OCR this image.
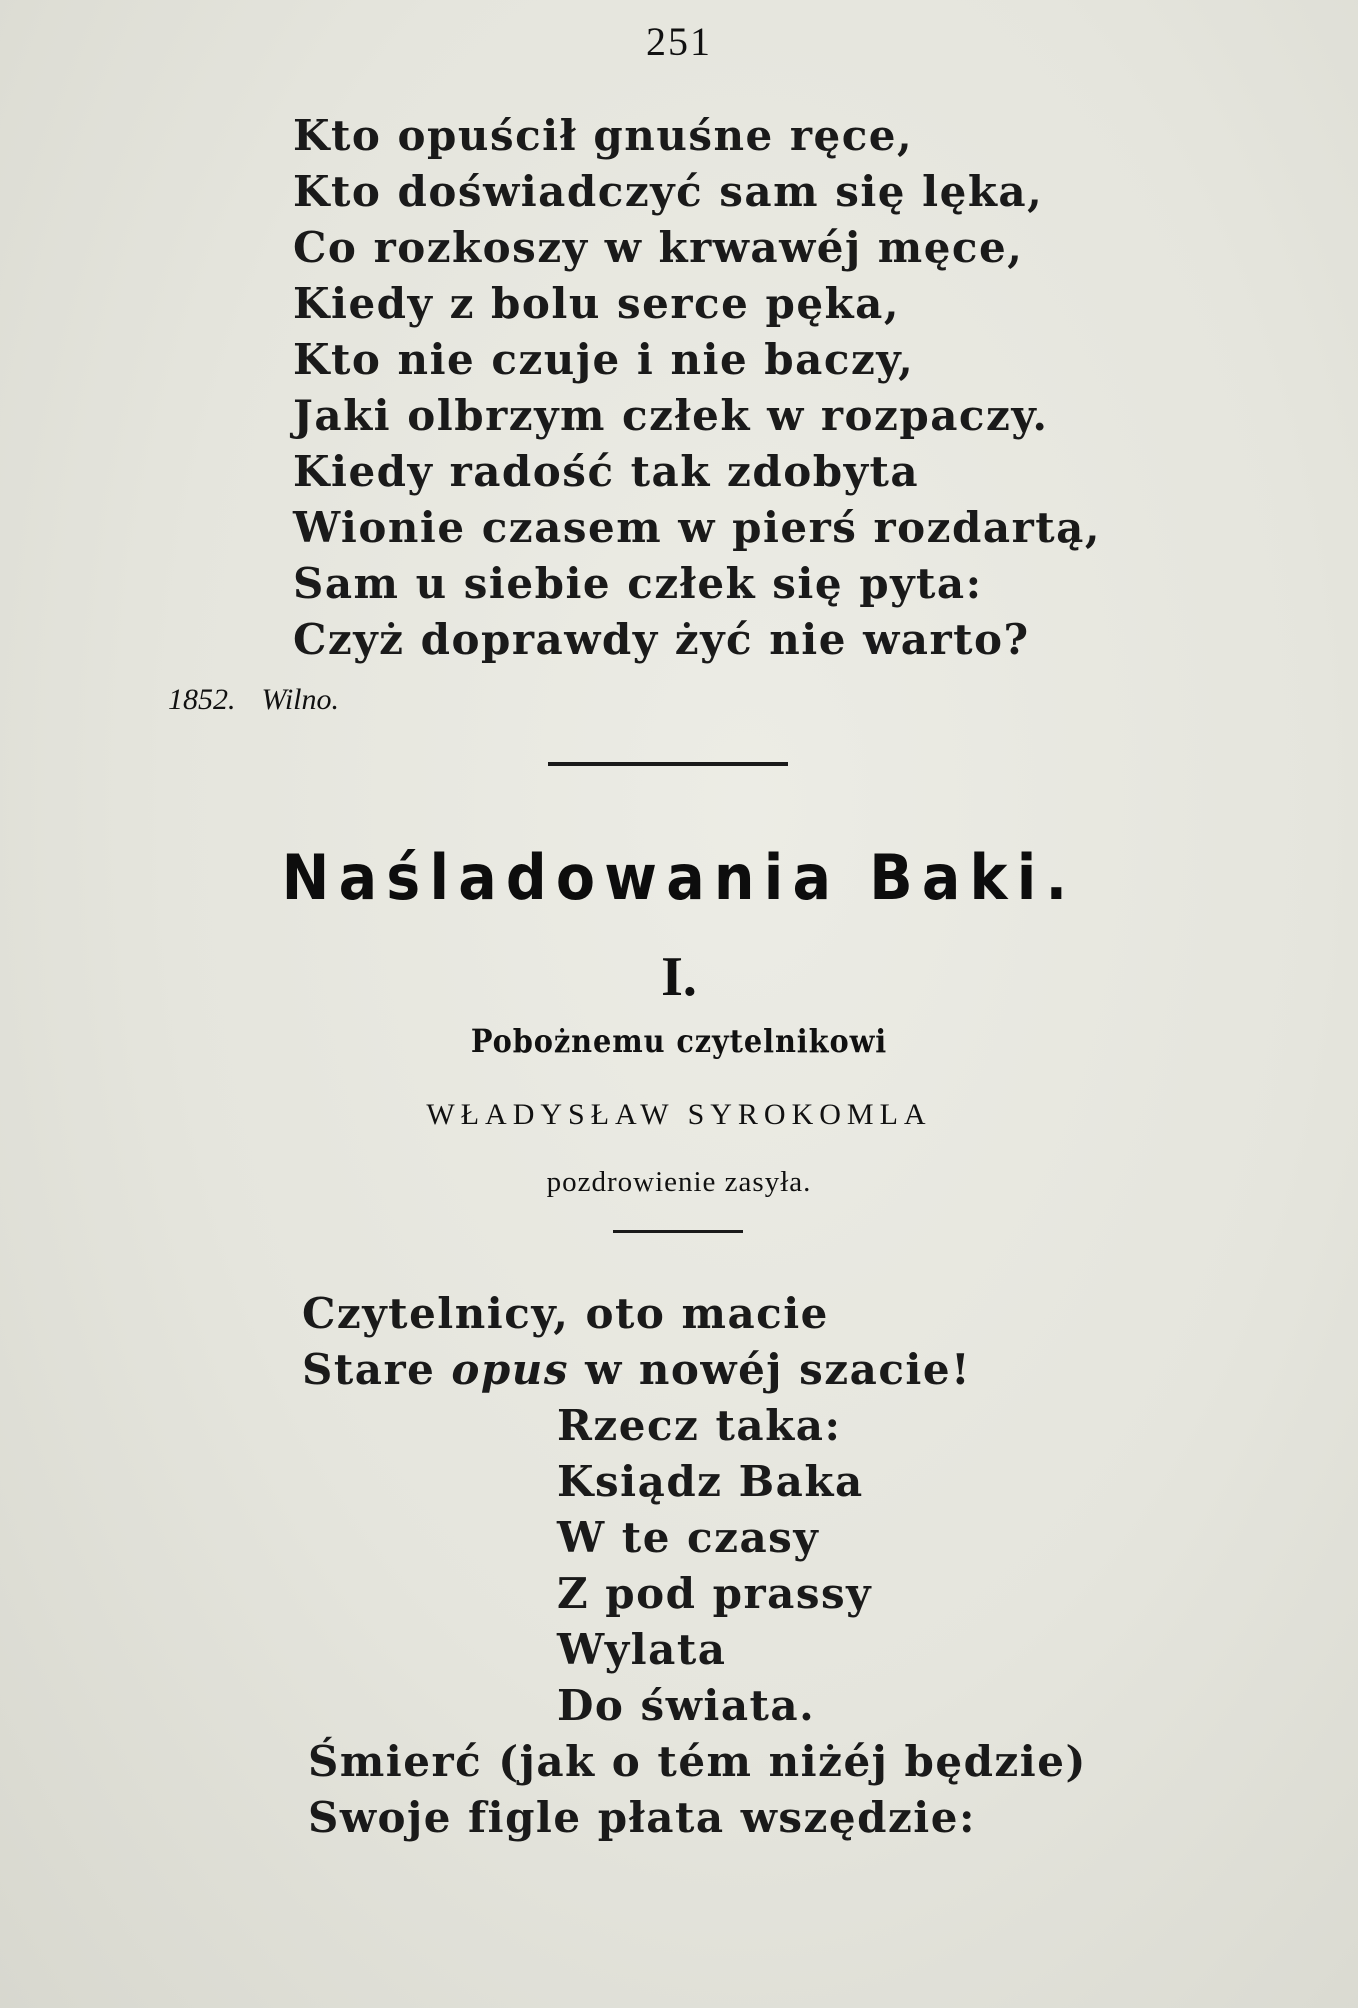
251
Kto opuścił gnuśne ręce,
Kto doświadczyć sam się lęka,
Co rozkoszy w krwawéj męce,
Kiedy z bolu serce pęka,
Kto nie czuje i nie baczy,
Jaki olbrzym człek w rozpaczy.
Kiedy radość tak zdobyta
Wionie czasem w pierś rozdartą,
Sam u siebie człek się pyta:
Czyż doprawdy żyć nie warto?
1852. Wilno.
Naśladowania Baki.
I.
Pobożnemu czytelnikowi
WŁADYSŁAW SYROKOMLA
pozdrowienie zasyła.
Czytelnicy, oto macie
Stare opus w nowéj szacie!
Rzecz taka:
Ksiądz Baka
W te czasy
Z pod prassy
Wylata
Do świata.
Śmierć (jak o tém niżéj będzie)
Swoje figle płata wszędzie:
